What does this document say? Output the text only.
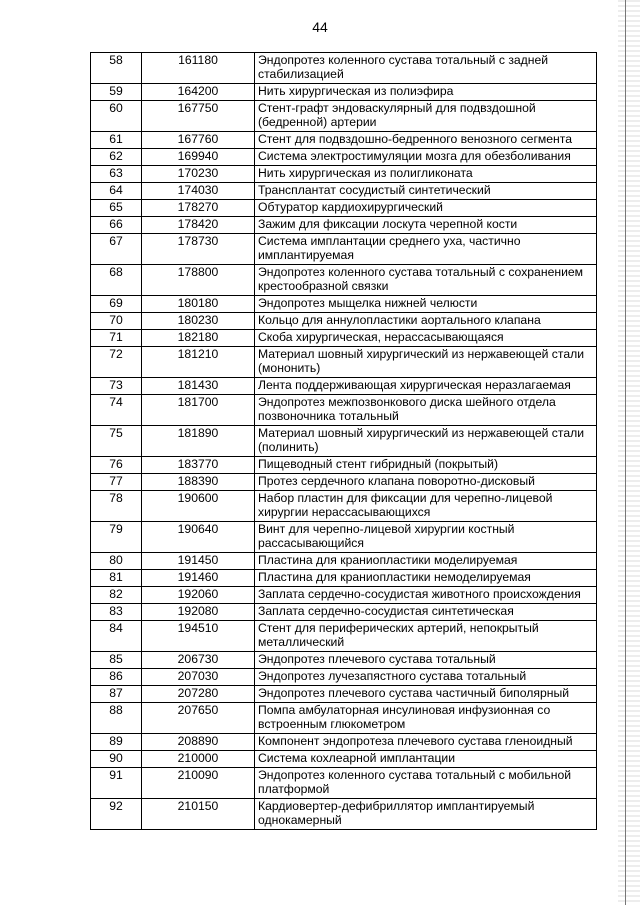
44
58	161180	Эндопротез коленного сустава тотальный с задней стабилизацией
59	164200	Нить хирургическая из полиэфира
60	167750	Стент-графт эндоваскулярный для подвздошной (бедренной) артерии
61	167760	Стент для подвздошно-бедренного венозного сегмента
62	169940	Система электростимуляции мозга для обезболивания
63	170230	Нить хирургическая из полигликоната
64	174030	Трансплантат сосудистый синтетический
65	178270	Обтуратор кардиохирургический
66	178420	Зажим для фиксации лоскута черепной кости
67	178730	Система имплантации среднего уха, частично имплантируемая
68	178800	Эндопротез коленного сустава тотальный с сохранением крестообразной связки
69	180180	Эндопротез мыщелка нижней челюсти
70	180230	Кольцо для аннулопластики аортального клапана
71	182180	Скоба хирургическая, нерассасывающаяся
72	181210	Материал шовный хирургический из нержавеющей стали (мононить)
73	181430	Лента поддерживающая хирургическая неразлагаемая
74	181700	Эндопротез межпозвонкового диска шейного отдела позвоночника тотальный
75	181890	Материал шовный хирургический из нержавеющей стали (полинить)
76	183770	Пищеводный стент гибридный (покрытый)
77	188390	Протез сердечного клапана поворотно-дисковый
78	190600	Набор пластин для фиксации для черепно-лицевой хирургии нерассасывающихся
79	190640	Винт для черепно-лицевой хирургии костный рассасывающийся
80	191450	Пластина для краниопластики моделируемая
81	191460	Пластина для краниопластики немоделируемая
82	192060	Заплата сердечно-сосудистая животного происхождения
83	192080	Заплата сердечно-сосудистая синтетическая
84	194510	Стент для периферических артерий, непокрытый металлический
85	206730	Эндопротез плечевого сустава тотальный
86	207030	Эндопротез лучезапястного сустава тотальный
87	207280	Эндопротез плечевого сустава частичный биполярный
88	207650	Помпа амбулаторная инсулиновая инфузионная со встроенным глюкометром
89	208890	Компонент эндопротеза плечевого сустава гленоидный
90	210000	Система кохлеарной имплантации
91	210090	Эндопротез коленного сустава тотальный с мобильной платформой
92	210150	Кардиовертер-дефибриллятор имплантируемый однокамерный
